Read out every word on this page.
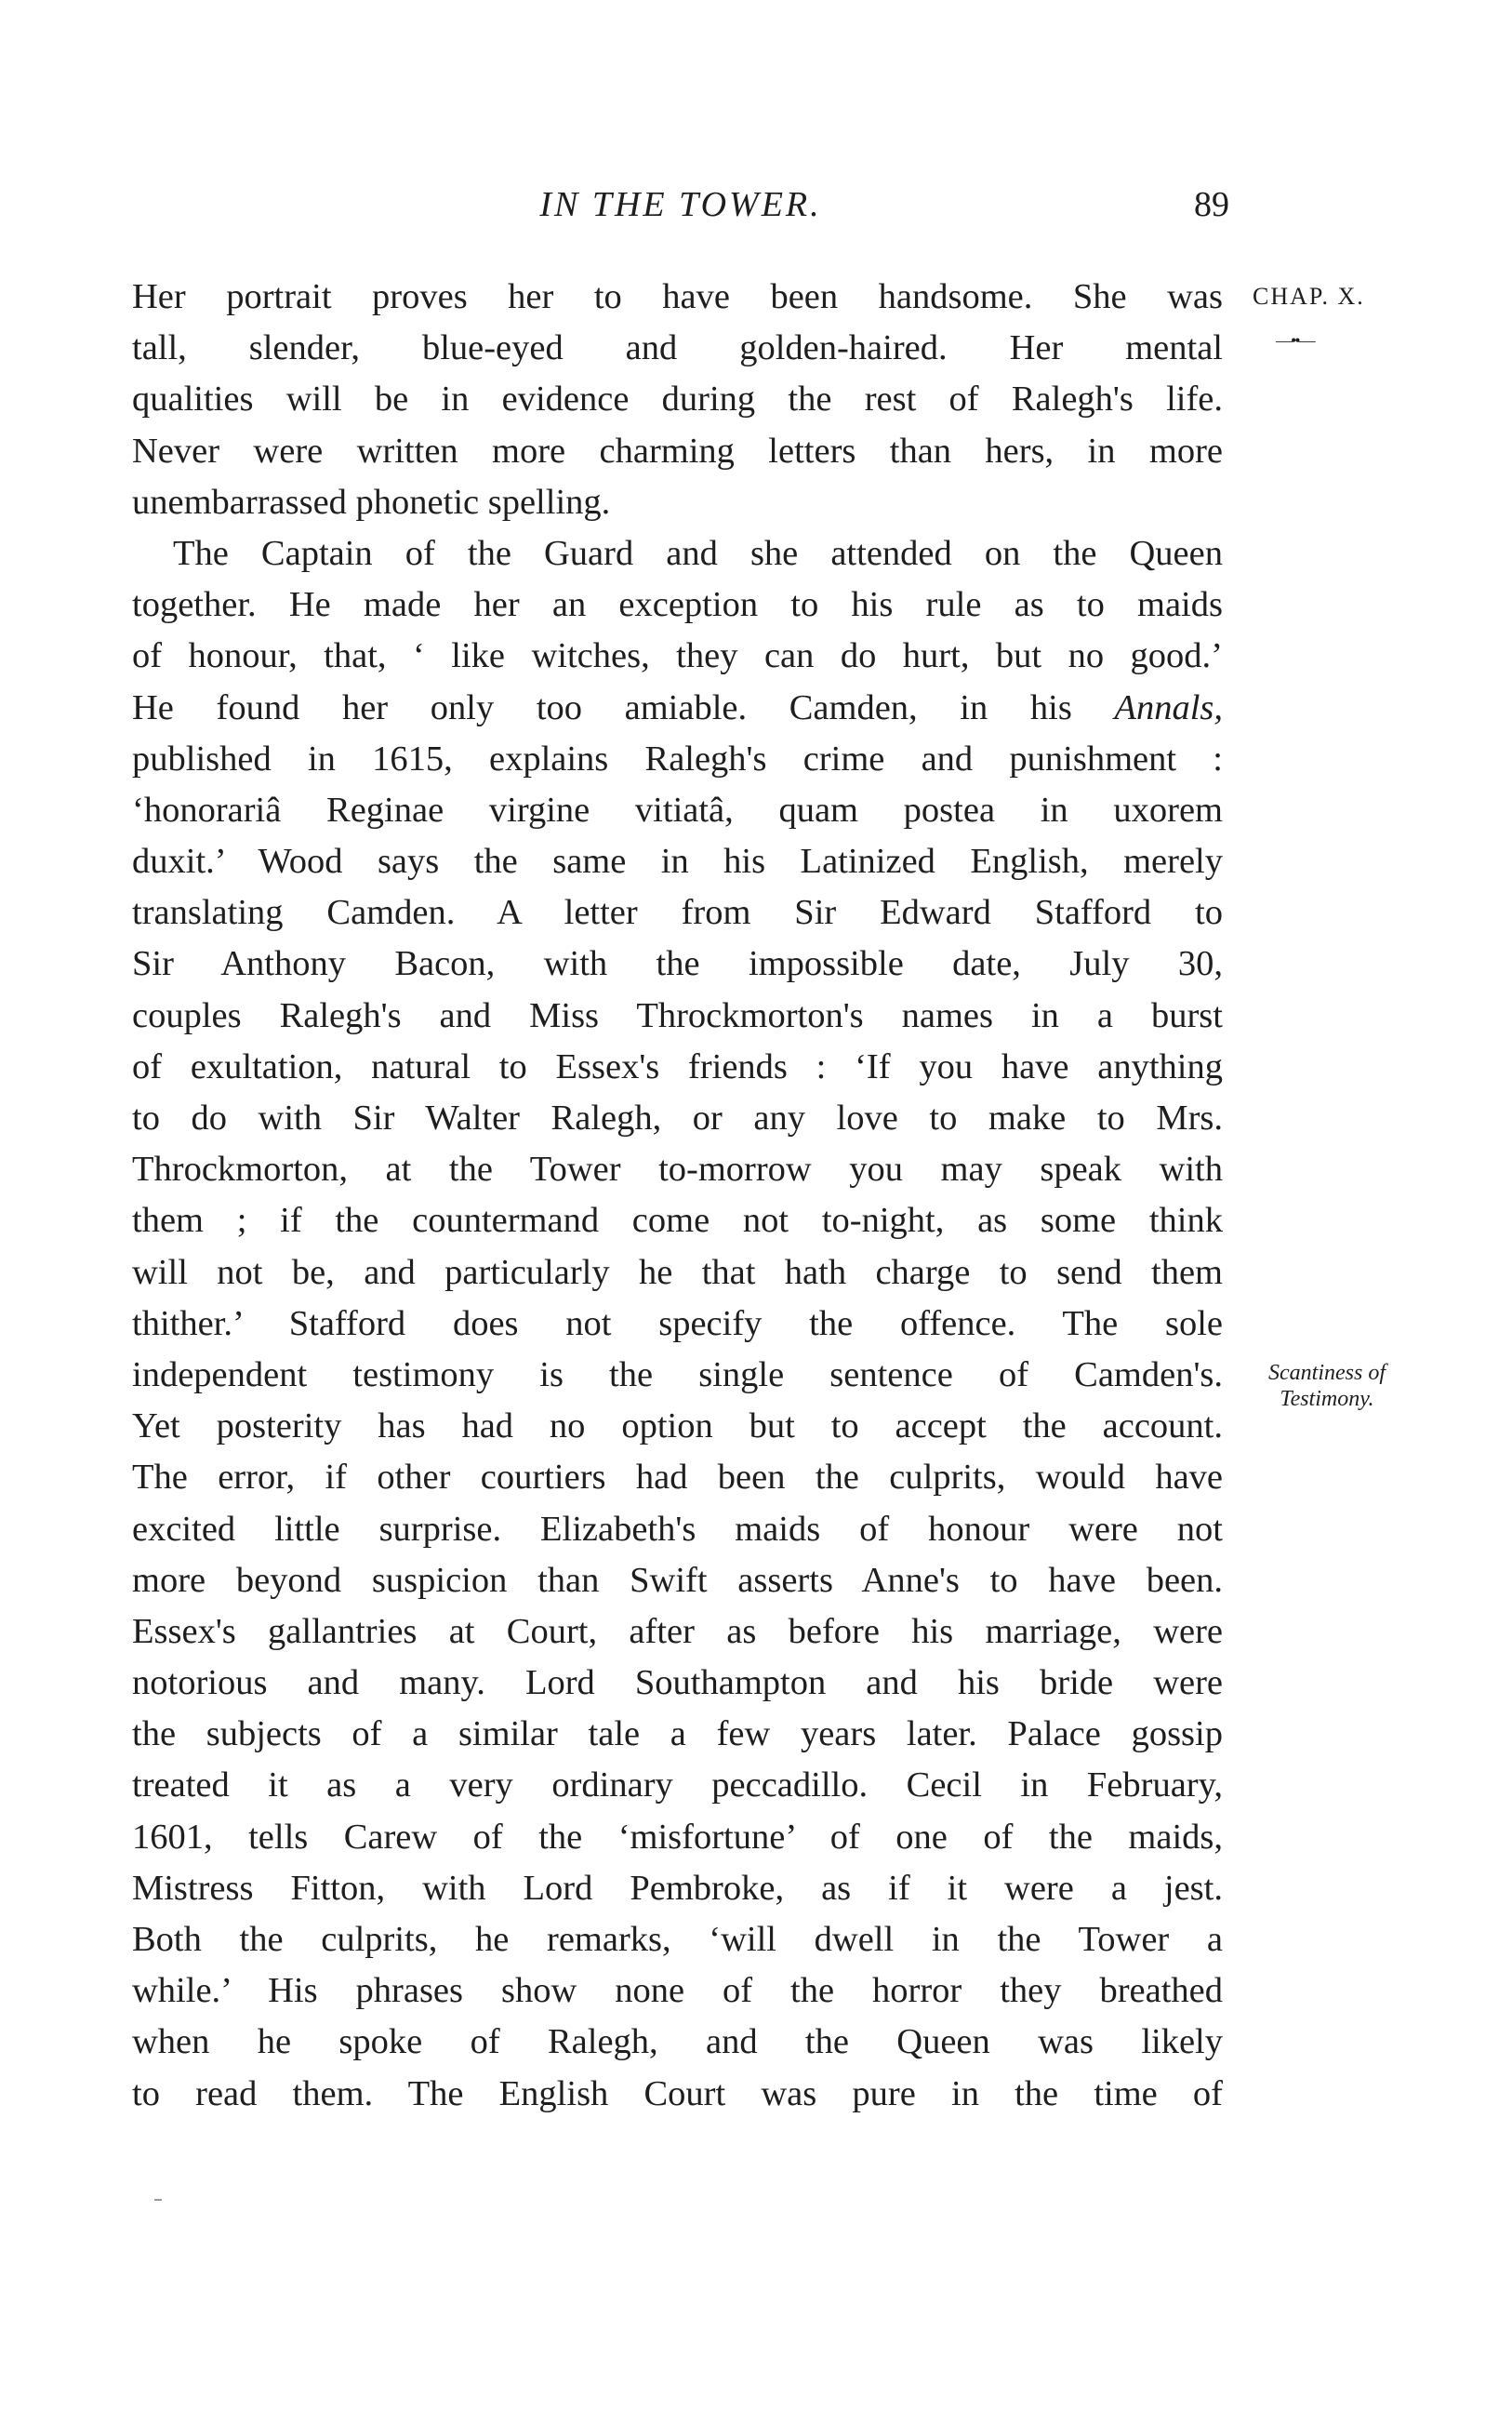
IN THE TOWER.	89
CHAP. X.
—••—
Scantiness of
Testimony.
Her portrait proves her to have been handsome. She was
tall, slender, blue-eyed and golden-haired. Her mental
qualities will be in evidence during the rest of Ralegh's life.
Never were written more charming letters than hers, in more
unembarrassed phonetic spelling.
The Captain of the Guard and she attended on the Queen
together. He made her an exception to his rule as to maids
of honour, that, ‘ like witches, they can do hurt, but no good.’
He found her only too amiable. Camden, in his Annals,
published in 1615, explains Ralegh's crime and punishment :
‘honorariâ Reginae virgine vitiatâ, quam postea in uxorem
duxit.’ Wood says the same in his Latinized English, merely
translating Camden. A letter from Sir Edward Stafford to
Sir Anthony Bacon, with the impossible date, July 30,
couples Ralegh's and Miss Throckmorton's names in a burst
of exultation, natural to Essex's friends : ‘If you have anything
to do with Sir Walter Ralegh, or any love to make to Mrs.
Throckmorton, at the Tower to-morrow you may speak with
them ; if the countermand come not to-night, as some think
will not be, and particularly he that hath charge to send them
thither.’ Stafford does not specify the offence. The sole
independent testimony is the single sentence of Camden's.
Yet posterity has had no option but to accept the account.
The error, if other courtiers had been the culprits, would have
excited little surprise. Elizabeth's maids of honour were not
more beyond suspicion than Swift asserts Anne's to have been.
Essex's gallantries at Court, after as before his marriage, were
notorious and many. Lord Southampton and his bride were
the subjects of a similar tale a few years later. Palace gossip
treated it as a very ordinary peccadillo. Cecil in February,
1601, tells Carew of the ‘misfortune’ of one of the maids,
Mistress Fitton, with Lord Pembroke, as if it were a jest.
Both the culprits, he remarks, ‘will dwell in the Tower a
while.’ His phrases show none of the horror they breathed
when he spoke of Ralegh, and the Queen was likely
to read them. The English Court was pure in the time of
